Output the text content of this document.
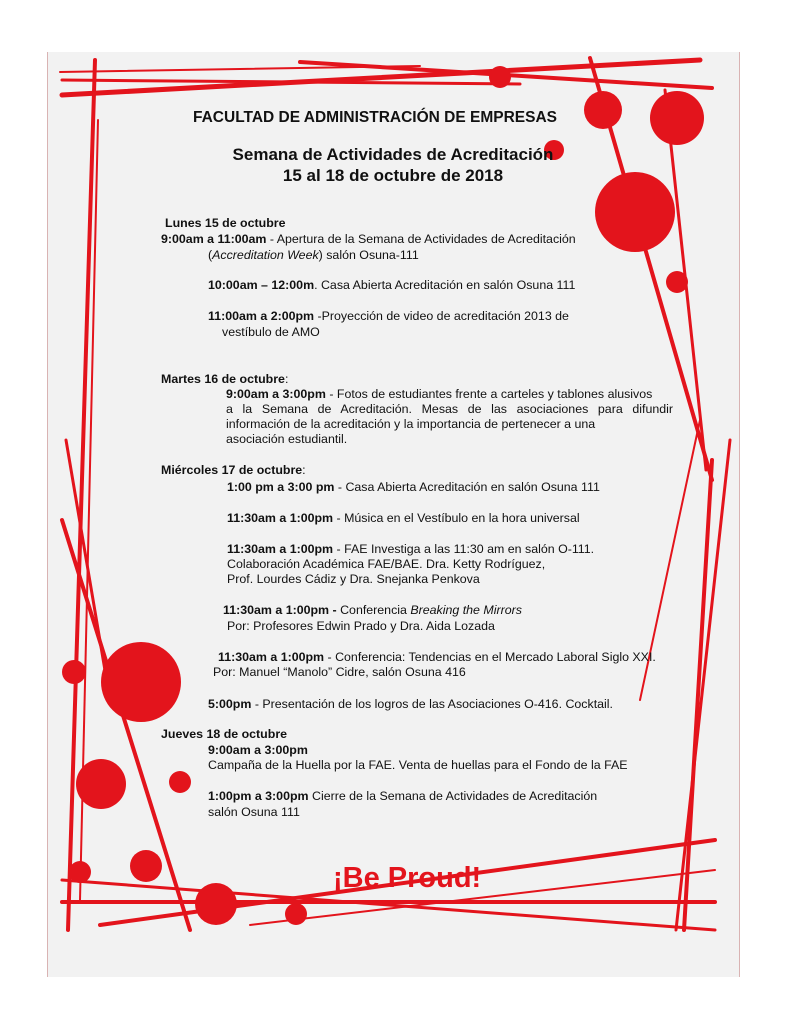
FACULTAD DE ADMINISTRACIÓN DE EMPRESAS
Semana de Actividades de Acreditación
15 al 18 de octubre de 2018
Lunes 15 de octubre
9:00am a 11:00am - Apertura de la Semana de Actividades de Acreditación
(Accreditation Week) salón Osuna-111
10:00am – 12:00m. Casa Abierta Acreditación en salón Osuna 111
11:00am a 2:00pm -Proyección de video de acreditación 2013 de
vestíbulo de AMO
Martes 16 de octubre:
9:00am a 3:00pm - Fotos de estudiantes frente a carteles y tablones alusivos
a la Semana de Acreditación. Mesas de las asociaciones para difundir
información de la acreditación y la importancia de pertenecer a una
asociación estudiantil.
Miércoles 17 de octubre:
1:00 pm a 3:00 pm - Casa Abierta Acreditación en salón Osuna 111
11:30am a 1:00pm - Música en el Vestíbulo en la hora universal
11:30am a 1:00pm - FAE Investiga a las 11:30 am en salón O-111.
Colaboración Académica FAE/BAE. Dra. Ketty Rodríguez,
Prof. Lourdes Cádiz y Dra. Snejanka Penkova
11:30am a 1:00pm - Conferencia Breaking the Mirrors
Por: Profesores Edwin Prado y Dra. Aida Lozada
11:30am a 1:00pm - Conferencia: Tendencias en el Mercado Laboral Siglo XXI.
Por: Manuel “Manolo” Cidre, salón Osuna 416
5:00pm - Presentación de los logros de las Asociaciones O-416. Cocktail.
Jueves 18 de octubre
9:00am a 3:00pm
Campaña de la Huella por la FAE. Venta de huellas para el Fondo de la FAE
1:00pm a 3:00pm Cierre de la Semana de Actividades de Acreditación
salón Osuna 111
¡Be Proud!
